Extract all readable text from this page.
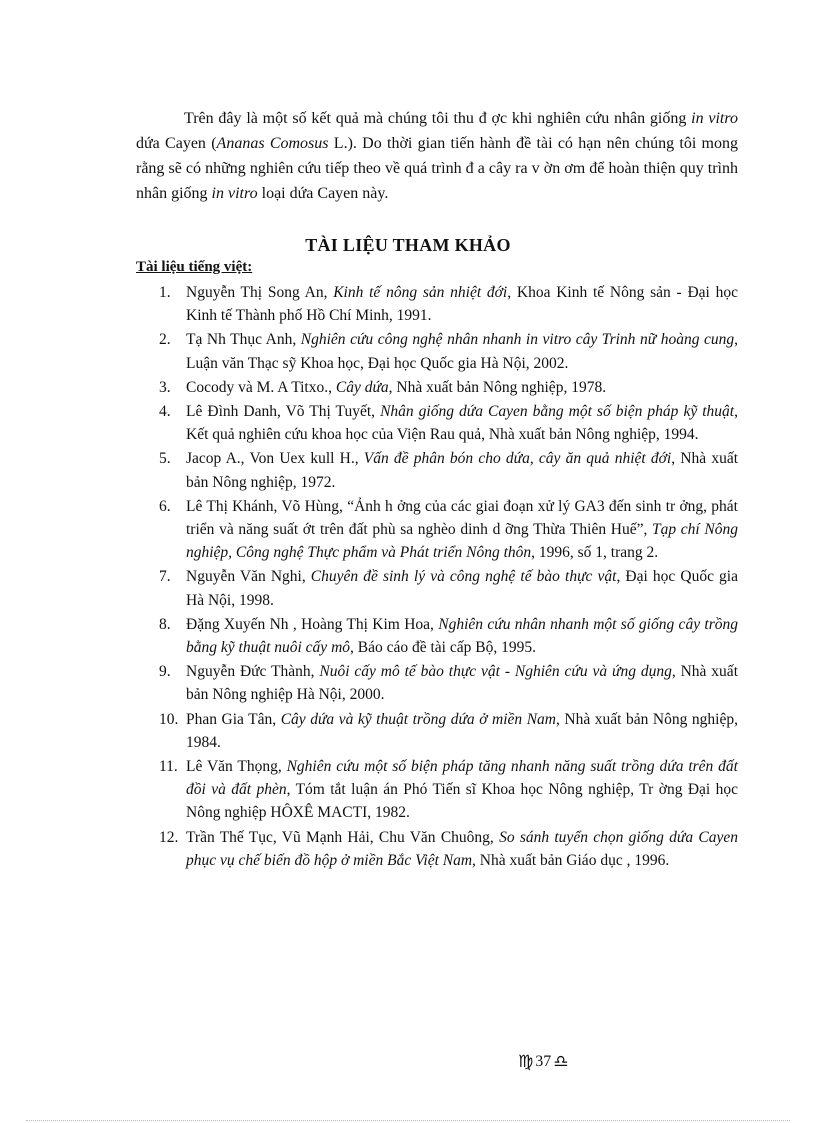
Trên đây là một số kết quả mà chúng tôi thu đ ợc khi nghiên cứu nhân giống in vitro dứa Cayen (Ananas Comosus L.). Do thời gian tiến hành đề tài có hạn nên chúng tôi mong rằng sẽ có những nghiên cứu tiếp theo về quá trình đ a cây ra v ờn ơm để hoàn thiện quy trình nhân giống in vitro loại dứa Cayen này.

TÀI LIỆU THAM KHẢO
Tài liệu tiếng việt:
1. Nguyễn Thị Song An, Kinh tế nông sản nhiệt đới, Khoa Kinh tế Nông sản - Đại học Kinh tế Thành phố Hồ Chí Minh, 1991.
2. Tạ Nh Thục Anh, Nghiên cứu công nghệ nhân nhanh in vitro cây Trinh nữ hoàng cung, Luận văn Thạc sỹ Khoa học, Đại học Quốc gia Hà Nội, 2002.
3. Cocody và M. A Titxo., Cây dứa, Nhà xuất bản Nông nghiệp, 1978.
4. Lê Đình Danh, Võ Thị Tuyết, Nhân giống dứa Cayen bằng một số biện pháp kỹ thuật, Kết quả nghiên cứu khoa học của Viện Rau quả, Nhà xuất bản Nông nghiệp, 1994.
5. Jacop A., Von Uex kull H., Vấn đề phân bón cho dứa, cây ăn quả nhiệt đới, Nhà xuất bản Nông nghiệp, 1972.
6. Lê Thị Khánh, Võ Hùng, “Ảnh h ởng của các giai đoạn xử lý GA3 đến sinh tr ởng, phát triển và năng suất ớt trên đất phù sa nghèo dinh d ỡng Thừa Thiên Huế”, Tạp chí Nông nghiệp, Công nghệ Thực phẩm và Phát triển Nông thôn, 1996, số 1, trang 2.
7. Nguyễn Văn Nghi, Chuyên đề sinh lý và công nghệ tế bào thực vật, Đại học Quốc gia Hà Nội, 1998.
8. Đặng Xuyến Nh , Hoàng Thị Kim Hoa, Nghiên cứu nhân nhanh một số giống cây trồng bằng kỹ thuật nuôi cấy mô, Báo cáo đề tài cấp Bộ, 1995.
9. Nguyễn Đức Thành, Nuôi cấy mô tế bào thực vật - Nghiên cứu và ứng dụng, Nhà xuất bản Nông nghiệp Hà Nội, 2000.
10. Phan Gia Tân, Cây dứa và kỹ thuật trồng dứa ở miền Nam, Nhà xuất bản Nông nghiệp, 1984.
11. Lê Văn Thọng, Nghiên cứu một số biện pháp tăng nhanh năng suất trồng dứa trên đất đồi và đất phèn, Tóm tắt luận án Phó Tiến sĩ Khoa học Nông nghiệp, Tr ờng Đại học Nông nghiệp HÔXÊ MACTI, 1982.
12. Trần Thế Tục, Vũ Mạnh Hải, Chu Văn Chuông, So sánh tuyển chọn giống dứa Cayen phục vụ chế biến đồ hộp ở miền Bắc Việt Nam, Nhà xuất bản Giáo dục , 1996.
♍ 37 ♎
